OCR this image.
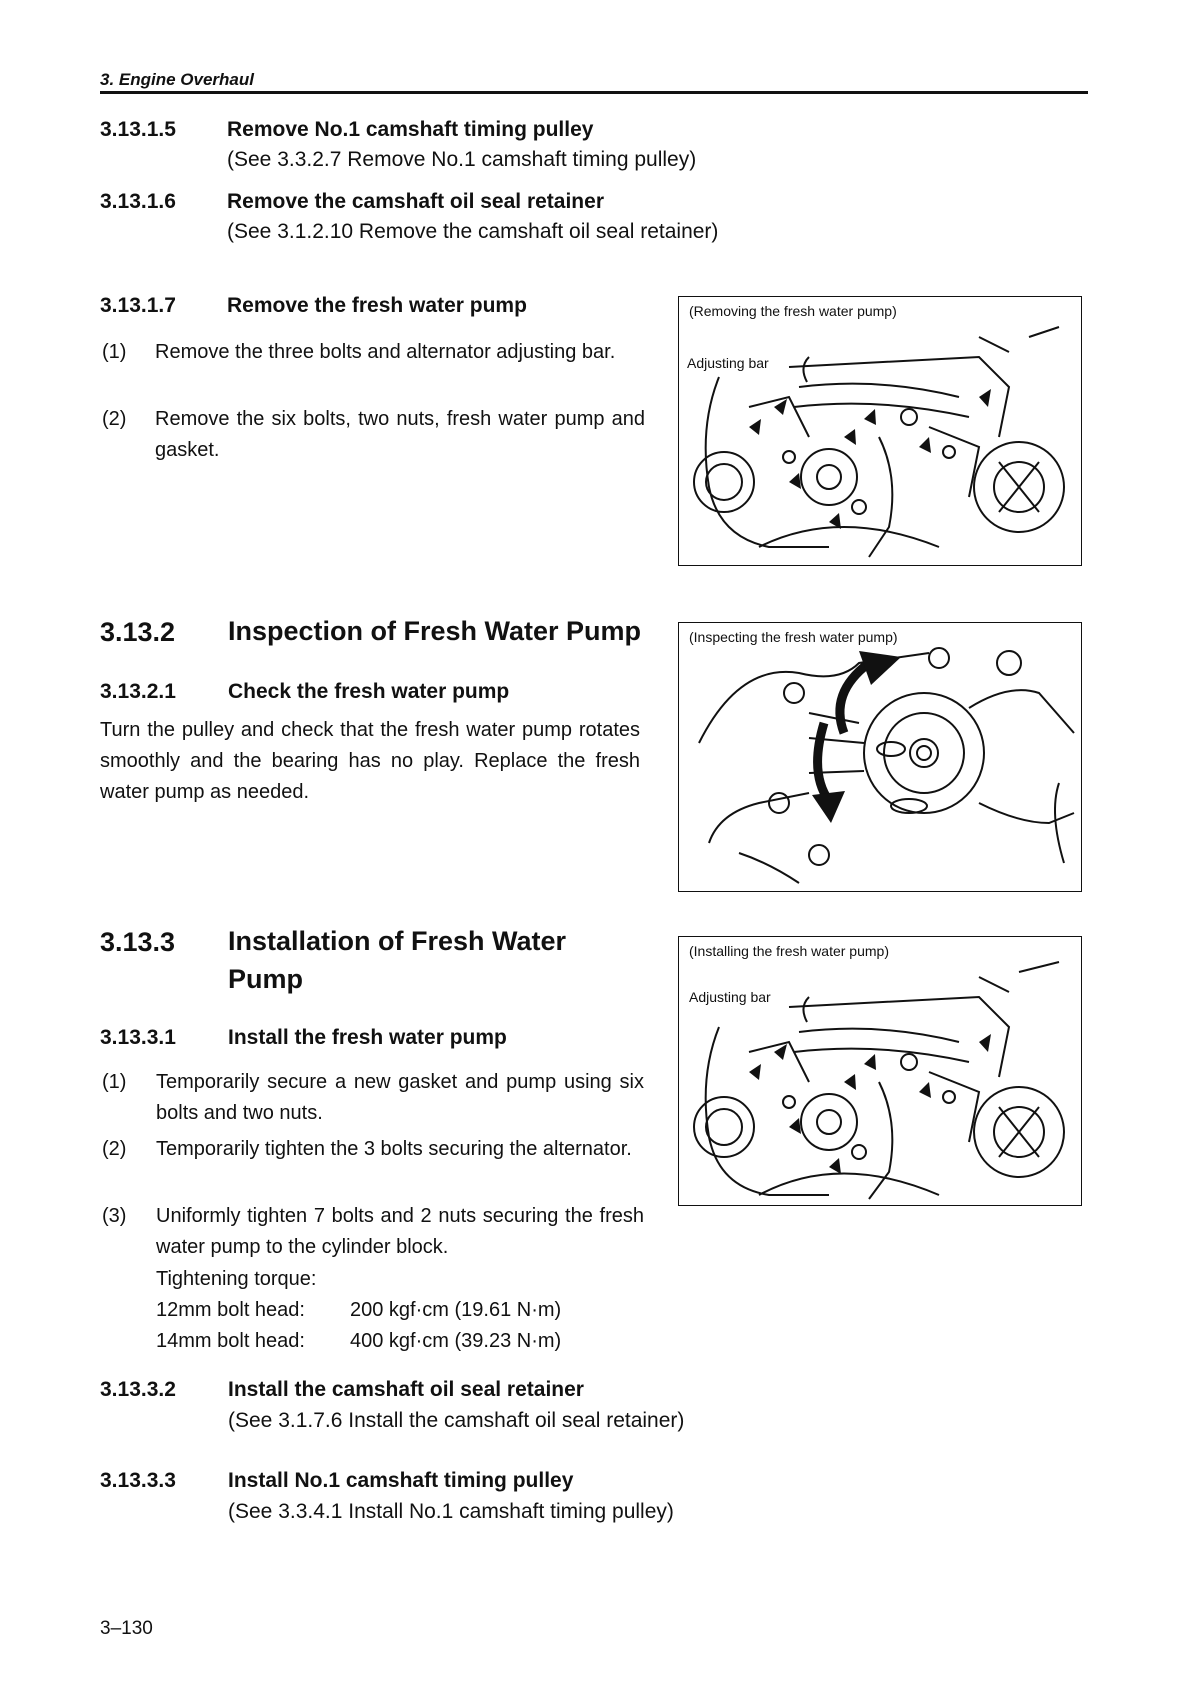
3. Engine Overhaul
3.13.1.5 Remove No.1 camshaft timing pulley
(See 3.3.2.7 Remove No.1 camshaft timing pulley)
3.13.1.6 Remove the camshaft oil seal retainer
(See 3.1.2.10 Remove the camshaft oil seal retainer)
3.13.1.7 Remove the fresh water pump
(1) Remove the three bolts and alternator adjusting bar.
(2) Remove the six bolts, two nuts, fresh water pump and gasket.
(Removing the fresh water pump)
Adjusting bar
3.13.2 Inspection of Fresh Water Pump
3.13.2.1 Check the fresh water pump
Turn the pulley and check that the fresh water pump rotates smoothly and the bearing has no play. Replace the fresh water pump as needed.
(Inspecting the fresh water pump)
3.13.3 Installation of Fresh Water
Pump
3.13.3.1 Install the fresh water pump
(1) Temporarily secure a new gasket and pump using six bolts and two nuts.
(2) Temporarily tighten the 3 bolts securing the alternator.
(3) Uniformly tighten 7 bolts and 2 nuts securing the fresh water pump to the cylinder block.
Tightening torque:
12mm bolt head: 200 kgf·cm (19.61 N·m)
14mm bolt head: 400 kgf·cm (39.23 N·m)
(Installing the fresh water pump)
Adjusting bar
3.13.3.2 Install the camshaft oil seal retainer
(See 3.1.7.6 Install the camshaft oil seal retainer)
3.13.3.3 Install No.1 camshaft timing pulley
(See 3.3.4.1 Install No.1 camshaft timing pulley)
3–130
